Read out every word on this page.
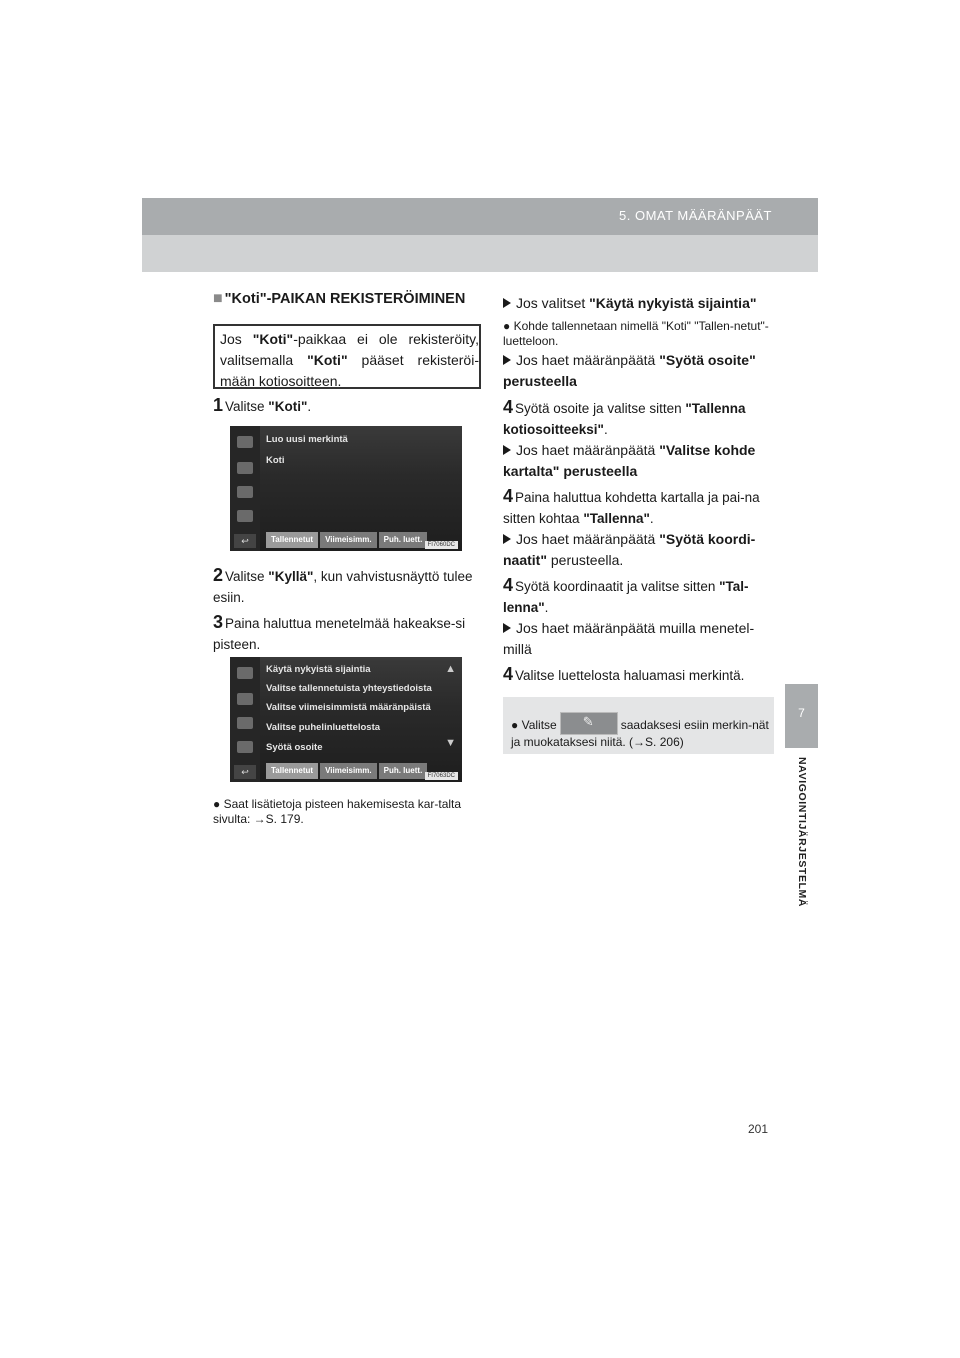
5. OMAT MÄÄRÄNPÄÄT
7
NAVIGOINTIJÄRJESTELMÄ
■ "Koti"-PAIKAN REKISTERÖIMINEN
Jos "Koti"-paikkaa ei ole rekisteröity, valitsemalla "Koti" pääset rekisteröi-mään kotiosoitteen.
1 Valitse "Koti".
Luo uusi merkintä
Koti
↩	Tallennetut	Viimeisimm.	Puh. luett.
FI7060DC
2 Valitse "Kyllä", kun vahvistusnäyttö tulee esiin.
3 Paina haluttua menetelmää hakeakse-si pisteen.
Käytä nykyistä sijaintia
Valitse tallennetuista yhteystiedoista
Valitse viimeisimmistä määränpäistä
Valitse puhelinluettelosta
Syötä osoite
▲
▼
↩	Tallennetut	Viimeisimm.	Puh. luett.
FI7063DC
● Saat lisätietoja pisteen hakemisesta kar-talta sivulta: →S. 179.
Jos valitset "Käytä nykyistä sijaintia"
● Kohde tallennetaan nimellä "Koti" "Tallen-netut"-luetteloon.
Jos haet määränpäätä "Syötä osoite" perusteella
4 Syötä osoite ja valitse sitten "Tallenna kotiosoitteeksi".
Jos haet määränpäätä "Valitse kohde kartalta" perusteella
4 Paina haluttua kohdetta kartalla ja pai-na sitten kohtaa "Tallenna".
Jos haet määränpäätä "Syötä koordi-naatit" perusteella.
4 Syötä koordinaatit ja valitse sitten "Tal-lenna".
Jos haet määränpäätä muilla menetel-millä
4 Valitse luettelosta haluamasi merkintä.
● Valitse✎	saadaksesi esiin merkin-nät ja muokataksesi niitä. (→S. 206)
201
